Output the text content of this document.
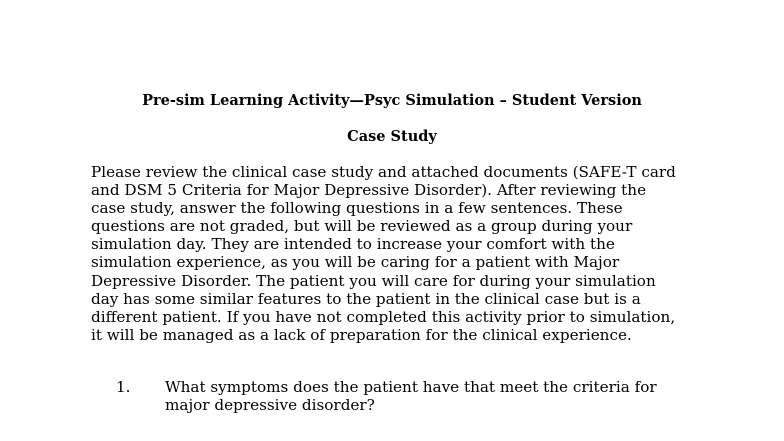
Pre-sim Learning Activity—Psyc Simulation – Student Version
Case Study
Please review the clinical case study and attached documents (SAFE-T card
and DSM 5 Criteria for Major Depressive Disorder). After reviewing the
case study, answer the following questions in a few sentences. These
questions are not graded, but will be reviewed as a group during your
simulation day. They are intended to increase your comfort with the
simulation experience, as you will be caring for a patient with Major
Depressive Disorder. The patient you will care for during your simulation
day has some similar features to the patient in the clinical case but is a
different patient. If you have not completed this activity prior to simulation,
it will be managed as a lack of preparation for the clinical experience.
1.	What symptoms does the patient have that meet the criteria for
major depressive disorder?
